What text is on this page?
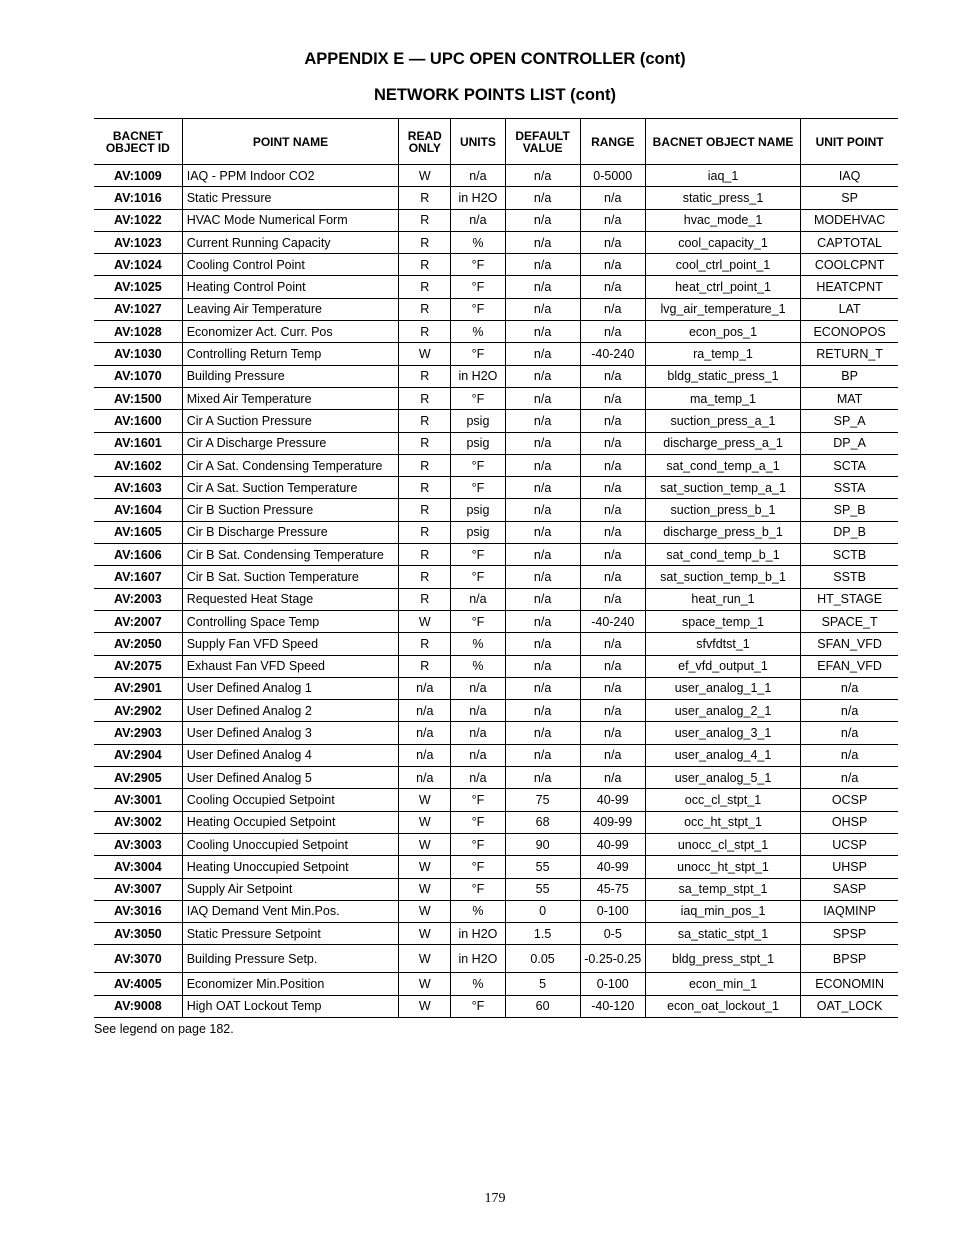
APPENDIX E — UPC OPEN CONTROLLER (cont)
NETWORK POINTS LIST (cont)
BACNET OBJECT ID	POINT NAME	READ ONLY	UNITS	DEFAULT VALUE	RANGE	BACNET OBJECT NAME	UNIT POINT
AV:1009	IAQ - PPM Indoor CO2	W	n/a	n/a	0-5000	iaq_1	IAQ
AV:1016	Static Pressure	R	in H2O	n/a	n/a	static_press_1	SP
AV:1022	HVAC Mode Numerical Form	R	n/a	n/a	n/a	hvac_mode_1	MODEHVAC
AV:1023	Current Running Capacity	R	%	n/a	n/a	cool_capacity_1	CAPTOTAL
AV:1024	Cooling Control Point	R	°F	n/a	n/a	cool_ctrl_point_1	COOLCPNT
AV:1025	Heating Control Point	R	°F	n/a	n/a	heat_ctrl_point_1	HEATCPNT
AV:1027	Leaving Air Temperature	R	°F	n/a	n/a	lvg_air_temperature_1	LAT
AV:1028	Economizer Act. Curr. Pos	R	%	n/a	n/a	econ_pos_1	ECONOPOS
AV:1030	Controlling Return Temp	W	°F	n/a	-40-240	ra_temp_1	RETURN_T
AV:1070	Building Pressure	R	in H2O	n/a	n/a	bldg_static_press_1	BP
AV:1500	Mixed Air Temperature	R	°F	n/a	n/a	ma_temp_1	MAT
AV:1600	Cir A Suction Pressure	R	psig	n/a	n/a	suction_press_a_1	SP_A
AV:1601	Cir A Discharge Pressure	R	psig	n/a	n/a	discharge_press_a_1	DP_A
AV:1602	Cir A Sat. Condensing Temperature	R	°F	n/a	n/a	sat_cond_temp_a_1	SCTA
AV:1603	Cir A Sat. Suction Temperature	R	°F	n/a	n/a	sat_suction_temp_a_1	SSTA
AV:1604	Cir B Suction Pressure	R	psig	n/a	n/a	suction_press_b_1	SP_B
AV:1605	Cir B Discharge Pressure	R	psig	n/a	n/a	discharge_press_b_1	DP_B
AV:1606	Cir B Sat. Condensing Temperature	R	°F	n/a	n/a	sat_cond_temp_b_1	SCTB
AV:1607	Cir B Sat. Suction Temperature	R	°F	n/a	n/a	sat_suction_temp_b_1	SSTB
AV:2003	Requested Heat Stage	R	n/a	n/a	n/a	heat_run_1	HT_STAGE
AV:2007	Controlling Space Temp	W	°F	n/a	-40-240	space_temp_1	SPACE_T
AV:2050	Supply Fan VFD Speed	R	%	n/a	n/a	sfvfdtst_1	SFAN_VFD
AV:2075	Exhaust Fan VFD Speed	R	%	n/a	n/a	ef_vfd_output_1	EFAN_VFD
AV:2901	User Defined Analog 1	n/a	n/a	n/a	n/a	user_analog_1_1	n/a
AV:2902	User Defined Analog 2	n/a	n/a	n/a	n/a	user_analog_2_1	n/a
AV:2903	User Defined Analog 3	n/a	n/a	n/a	n/a	user_analog_3_1	n/a
AV:2904	User Defined Analog 4	n/a	n/a	n/a	n/a	user_analog_4_1	n/a
AV:2905	User Defined Analog 5	n/a	n/a	n/a	n/a	user_analog_5_1	n/a
AV:3001	Cooling Occupied Setpoint	W	°F	75	40-99	occ_cl_stpt_1	OCSP
AV:3002	Heating Occupied Setpoint	W	°F	68	409-99	occ_ht_stpt_1	OHSP
AV:3003	Cooling Unoccupied Setpoint	W	°F	90	40-99	unocc_cl_stpt_1	UCSP
AV:3004	Heating Unoccupied Setpoint	W	°F	55	40-99	unocc_ht_stpt_1	UHSP
AV:3007	Supply Air Setpoint	W	°F	55	45-75	sa_temp_stpt_1	SASP
AV:3016	IAQ Demand Vent Min.Pos.	W	%	0	0-100	iaq_min_pos_1	IAQMINP
AV:3050	Static Pressure Setpoint	W	in H2O	1.5	0-5	sa_static_stpt_1	SPSP
AV:3070	Building Pressure Setp.	W	in H2O	0.05	-0.25-0.25	bldg_press_stpt_1	BPSP
AV:4005	Economizer Min.Position	W	%	5	0-100	econ_min_1	ECONOMIN
AV:9008	High OAT Lockout Temp	W	°F	60	-40-120	econ_oat_lockout_1	OAT_LOCK
See legend on page 182.
179
